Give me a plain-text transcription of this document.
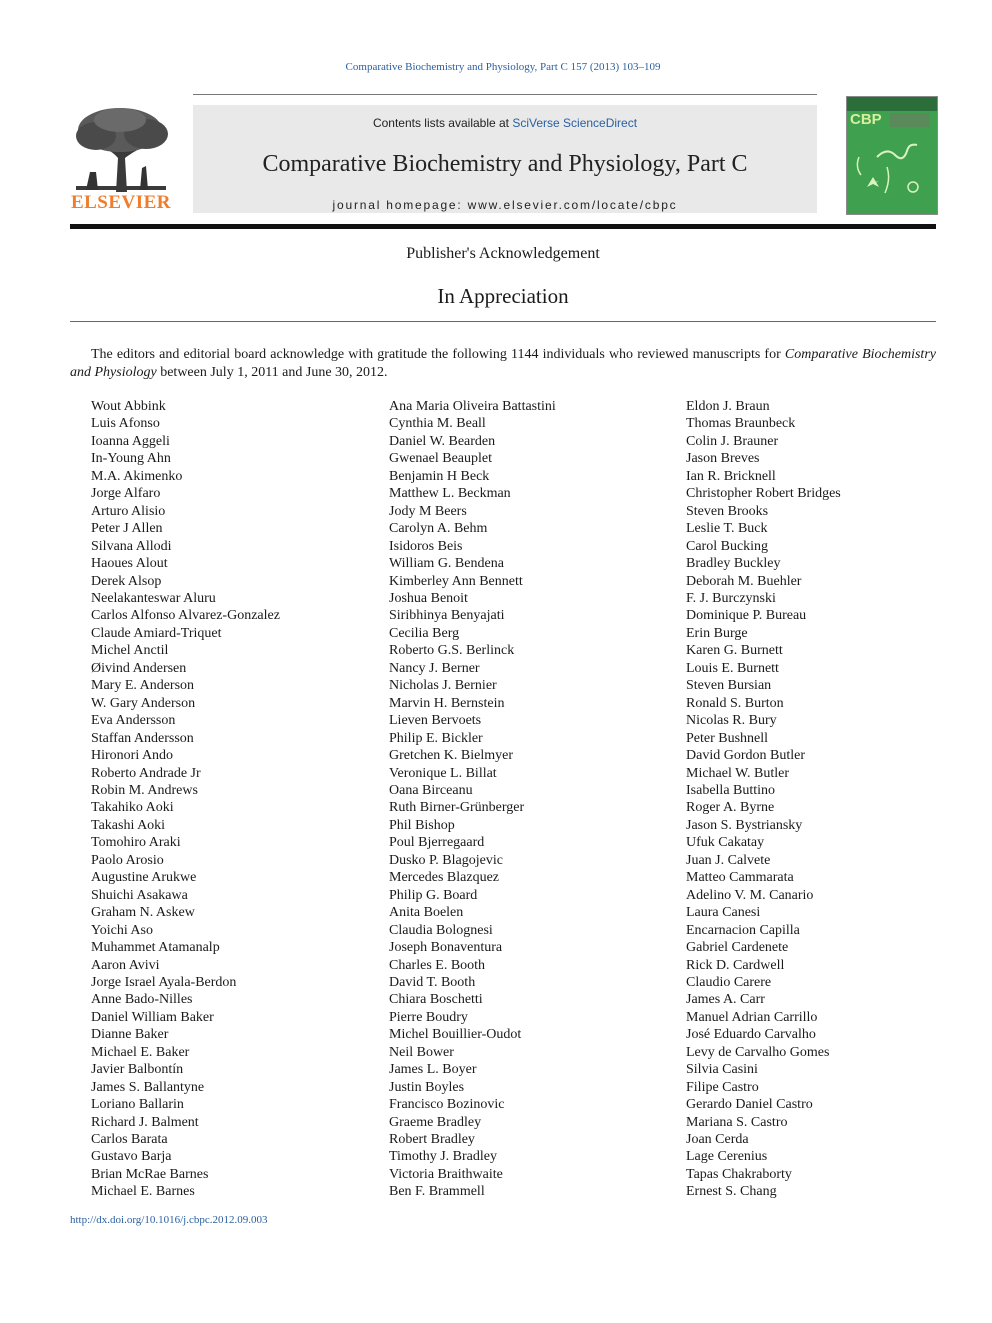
Comparative Biochemistry and Physiology, Part C 157 (2013) 103–109
ELSEVIER
Contents lists available at SciVerse ScienceDirect
Comparative Biochemistry and Physiology, Part C
journal homepage: www.elsevier.com/locate/cbpc
CBP
Publisher's Acknowledgement
In Appreciation

The editors and editorial board acknowledge with gratitude the following 1144 individuals who reviewed manuscripts for Comparative Biochemistry and Physiology between July 1, 2011 and June 30, 2012.

Wout Abbink
Luis Afonso
Ioanna Aggeli
In-Young Ahn
M.A. Akimenko
Jorge Alfaro
Arturo Alisio
Peter J Allen
Silvana Allodi
Haoues Alout
Derek Alsop
Neelakanteswar Aluru
Carlos Alfonso Alvarez-Gonzalez
Claude Amiard-Triquet
Michel Anctil
Øivind Andersen
Mary E. Anderson
W. Gary Anderson
Eva Andersson
Staffan Andersson
Hironori Ando
Roberto Andrade Jr
Robin M. Andrews
Takahiko Aoki
Takashi Aoki
Tomohiro Araki
Paolo Arosio
Augustine Arukwe
Shuichi Asakawa
Graham N. Askew
Yoichi Aso
Muhammet Atamanalp
Aaron Avivi
Jorge Israel Ayala-Berdon
Anne Bado-Nilles
Daniel William Baker
Dianne Baker
Michael E. Baker
Javier Balbontín
James S. Ballantyne
Loriano Ballarin
Richard J. Balment
Carlos Barata
Gustavo Barja
Brian McRae Barnes
Michael E. Barnes
Ana Maria Oliveira Battastini
Cynthia M. Beall
Daniel W. Bearden
Gwenael Beauplet
Benjamin H Beck
Matthew L. Beckman
Jody M Beers
Carolyn A. Behm
Isidoros Beis
William G. Bendena
Kimberley Ann Bennett
Joshua Benoit
Siribhinya Benyajati
Cecilia Berg
Roberto G.S. Berlinck
Nancy J. Berner
Nicholas J. Bernier
Marvin H. Bernstein
Lieven Bervoets
Philip E. Bickler
Gretchen K. Bielmyer
Veronique L. Billat
Oana Birceanu
Ruth Birner-Grünberger
Phil Bishop
Poul Bjerregaard
Dusko P. Blagojevic
Mercedes Blazquez
Philip G. Board
Anita Boelen
Claudia Bolognesi
Joseph Bonaventura
Charles E. Booth
David T. Booth
Chiara Boschetti
Pierre Boudry
Michel Bouillier-Oudot
Neil Bower
James L. Boyer
Justin Boyles
Francisco Bozinovic
Graeme Bradley
Robert Bradley
Timothy J. Bradley
Victoria Braithwaite
Ben F. Brammell
Eldon J. Braun
Thomas Braunbeck
Colin J. Brauner
Jason Breves
Ian R. Bricknell
Christopher Robert Bridges
Steven Brooks
Leslie T. Buck
Carol Bucking
Bradley Buckley
Deborah M. Buehler
F. J. Burczynski
Dominique P. Bureau
Erin Burge
Karen G. Burnett
Louis E. Burnett
Steven Bursian
Ronald S. Burton
Nicolas R. Bury
Peter Bushnell
David Gordon Butler
Michael W. Butler
Isabella Buttino
Roger A. Byrne
Jason S. Bystriansky
Ufuk Cakatay
Juan J. Calvete
Matteo Cammarata
Adelino V. M. Canario
Laura Canesi
Encarnacion Capilla
Gabriel Cardenete
Rick D. Cardwell
Claudio Carere
James A. Carr
Manuel Adrian Carrillo
José Eduardo Carvalho
Levy de Carvalho Gomes
Silvia Casini
Filipe Castro
Gerardo Daniel Castro
Mariana S. Castro
Joan Cerda
Lage Cerenius
Tapas Chakraborty
Ernest S. Chang
http://dx.doi.org/10.1016/j.cbpc.2012.09.003
